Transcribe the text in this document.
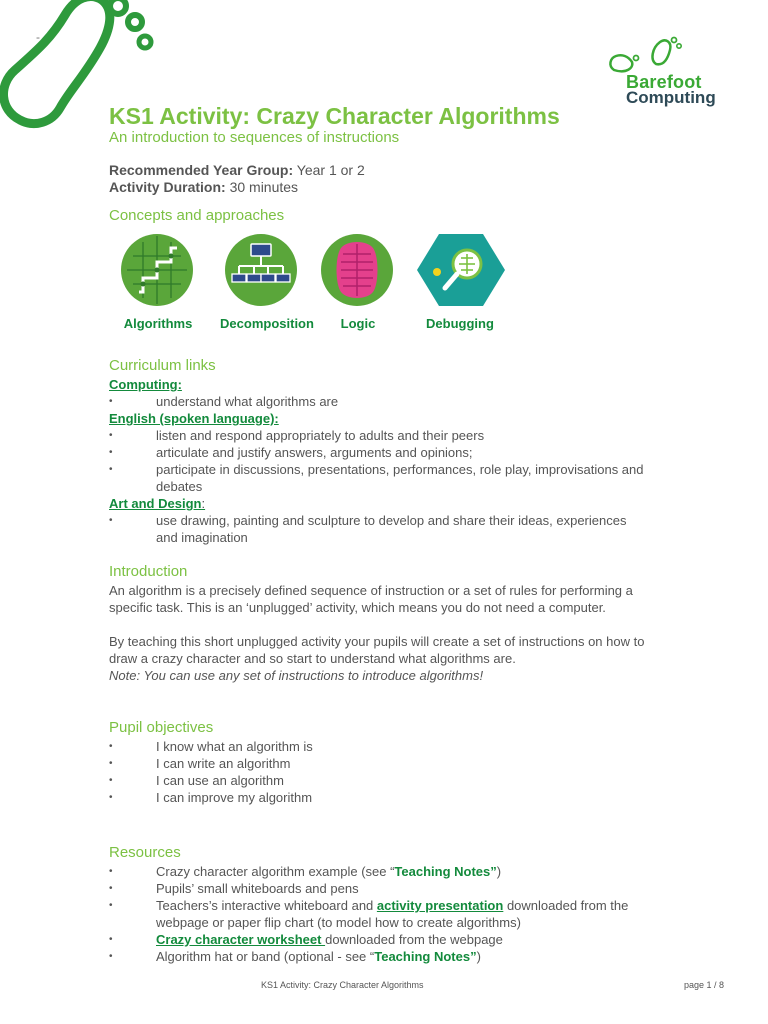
-
Barefoot
Computing
KS1 Activity: Crazy Character Algorithms
An introduction to sequences of instructions

Recommended Year Group: Year 1 or 2

Activity Duration: 30 minutes

Concepts and approaches
Algorithms	Decomposition	Logic	Debugging
Curriculum links
Computing:
• understand what algorithms are
English (spoken language):
• listen and respond appropriately to adults and their peers
• articulate and justify answers, arguments and opinions;
• participate in discussions, presentations, performances, role play, improvisations and debates
Art and Design:
• use drawing, painting and sculpture to develop and share their ideas, experiences and imagination
Introduction

An algorithm is a precisely defined sequence of instruction or a set of rules for performing a specific task. This is an ‘unplugged’ activity, which means you do not need a computer.

By teaching this short unplugged activity your pupils will create a set of instructions on how to draw a crazy character and so start to understand what algorithms are.

Note: You can use any set of instructions to introduce algorithms!

Pupil objectives
• I know what an algorithm is
• I can write an algorithm
• I can use an algorithm
• I can improve my algorithm
Resources
• Crazy character algorithm example (see “Teaching Notes”)
• Pupils’ small whiteboards and pens
• Teachers’s interactive whiteboard and activity presentation downloaded from the webpage or paper flip chart (to model how to create algorithms)
• Crazy character worksheet downloaded from the webpage
• Algorithm hat or band (optional - see “Teaching Notes”)
KS1 Activity: Crazy Character Algorithms	page 1 / 8
